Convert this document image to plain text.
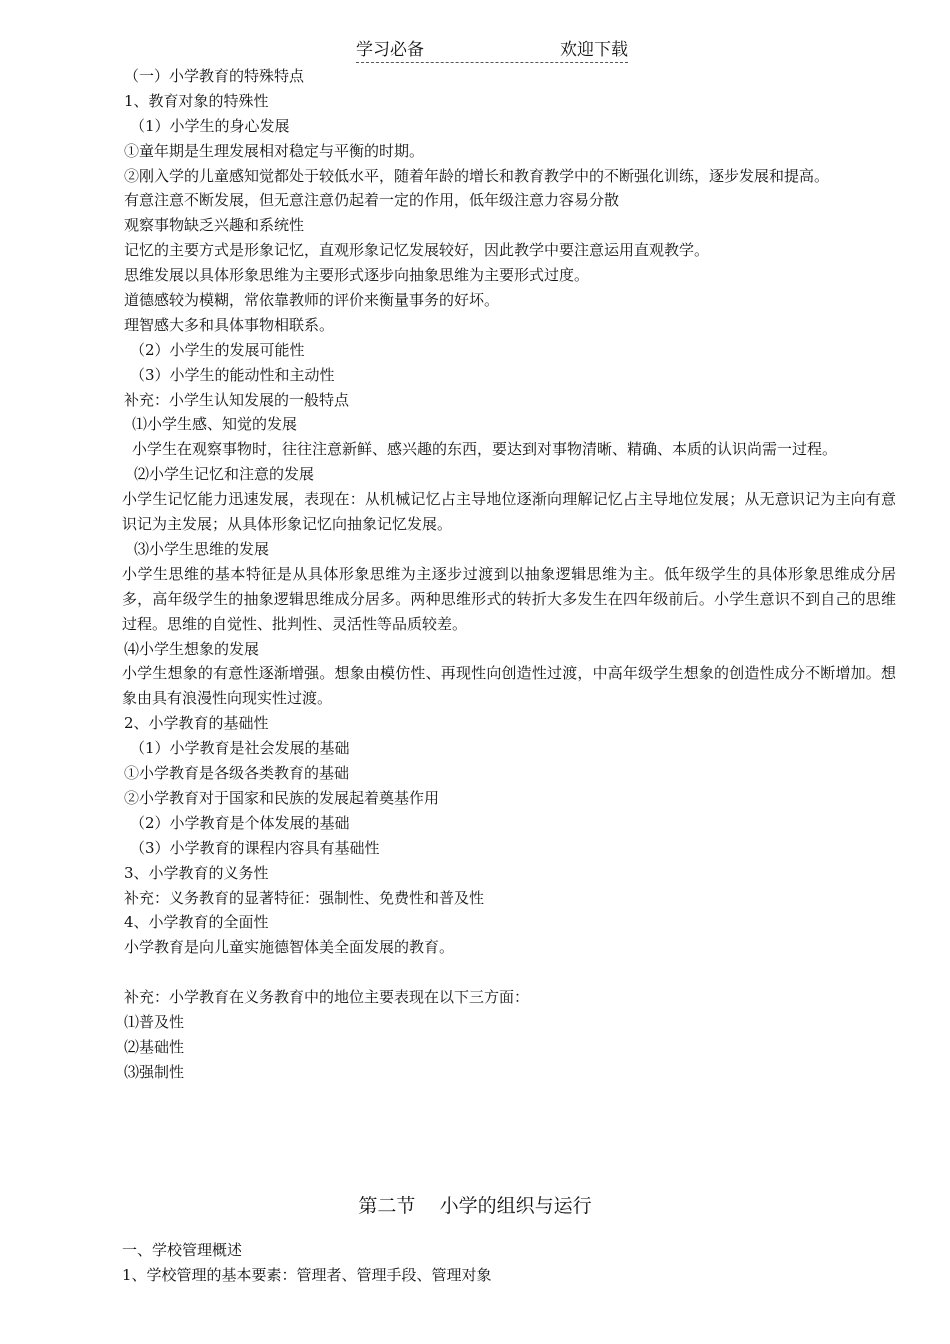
学习必备	欢迎下载
（一）小学教育的特殊特点
1、教育对象的特殊性
（1）小学生的身心发展
①童年期是生理发展相对稳定与平衡的时期。
②刚入学的儿童感知觉都处于较低水平，随着年龄的增长和教育教学中的不断强化训练，逐步发展和提高。
有意注意不断发展，但无意注意仍起着一定的作用，低年级注意力容易分散
观察事物缺乏兴趣和系统性
记忆的主要方式是形象记忆，直观形象记忆发展较好，因此教学中要注意运用直观教学。
思维发展以具体形象思维为主要形式逐步向抽象思维为主要形式过度。
道德感较为模糊，常依靠教师的评价来衡量事务的好坏。
理智感大多和具体事物相联系。
（2）小学生的发展可能性
（3）小学生的能动性和主动性
补充：小学生认知发展的一般特点
⑴小学生感、知觉的发展
小学生在观察事物时，往往注意新鲜、感兴趣的东西，要达到对事物清晰、精确、本质的认识尚需一过程。
⑵小学生记忆和注意的发展
小学生记忆能力迅速发展，表现在：从机械记忆占主导地位逐渐向理解记忆占主导地位发展；从无意识记为主向有意识记为主发展；从具体形象记忆向抽象记忆发展。
⑶小学生思维的发展
小学生思维的基本特征是从具体形象思维为主逐步过渡到以抽象逻辑思维为主。低年级学生的具体形象思维成分居多，高年级学生的抽象逻辑思维成分居多。两种思维形式的转折大多发生在四年级前后。小学生意识不到自己的思维过程。思维的自觉性、批判性、灵活性等品质较差。
⑷小学生想象的发展
小学生想象的有意性逐渐增强。想象由模仿性、再现性向创造性过渡，中高年级学生想象的创造性成分不断增加。想象由具有浪漫性向现实性过渡。
2、小学教育的基础性
（1）小学教育是社会发展的基础
①小学教育是各级各类教育的基础
②小学教育对于国家和民族的发展起着奠基作用
（2）小学教育是个体发展的基础
（3）小学教育的课程内容具有基础性
3、小学教育的义务性
补充：义务教育的显著特征：强制性、免费性和普及性
4、小学教育的全面性
小学教育是向儿童实施德智体美全面发展的教育。
补充：小学教育在义务教育中的地位主要表现在以下三方面：
⑴普及性
⑵基础性
⑶强制性
第二节 小学的组织与运行
一、学校管理概述
1、学校管理的基本要素：管理者、管理手段、管理对象
